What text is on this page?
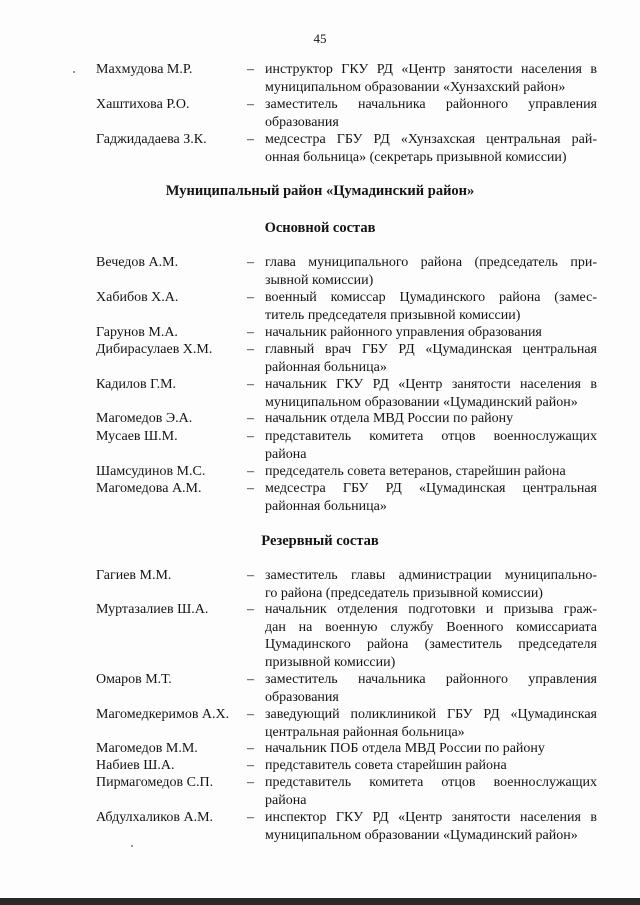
45
Махмудова М.Р.	– инструктор ГКУ РД «Центр занятости населения в
муниципальном образовании «Хунзахский район»
Хаштихова Р.О.	– заместитель начальника районного управления
образования
Гаджидадаева З.К.	– медсестра ГБУ РД «Хунзахская центральная рай-
онная больница» (секретарь призывной комиссии)
Муниципальный район «Цумадинский район»
Основной состав
Вечедов А.М.	– глава муниципального района (председатель при-
зывной комиссии)
Хабибов Х.А.	– военный комиссар Цумадинского района (замес-
титель председателя призывной комиссии)
Гарунов М.А.	– начальник районного управления образования
Дибирасулаев Х.М. – главный врач ГБУ РД «Цумадинская центральная
районная больница»
Кадилов Г.М.	– начальник ГКУ РД «Центр занятости населения в
муниципальном образовании «Цумадинский район»
Магомедов Э.А.	– начальник отдела МВД России по району
Мусаев Ш.М.	– представитель комитета отцов военнослужащих
района
Шамсудинов М.С.	– председатель совета ветеранов, старейшин района
Магомедова А.М.	– медсестра ГБУ РД «Цумадинская центральная
районная больница»
Резервный состав
Гагиев М.М.	– заместитель главы администрации муниципально-
го района (председатель призывной комиссии)
Муртазалиев Ш.А.	– начальник отделения подготовки и призыва граж-
дан на военную службу Военного комиссариата
Цумадинского района (заместитель председателя
призывной комиссии)
Омаров М.Т.	– заместитель начальника районного управления
образования
Магомедкеримов А.Х. – заведующий поликлиникой ГБУ РД «Цумадинская
центральная районная больница»
Магомедов М.М.	– начальник ПОБ отдела МВД России по району
Набиев Ш.А.	– представитель совета старейшин района
Пирмагомедов С.П. – представитель комитета отцов военнослужащих
района
Абдулхаликов А.М. – инспектор ГКУ РД «Центр занятости населения в
муниципальном образовании «Цумадинский район»
